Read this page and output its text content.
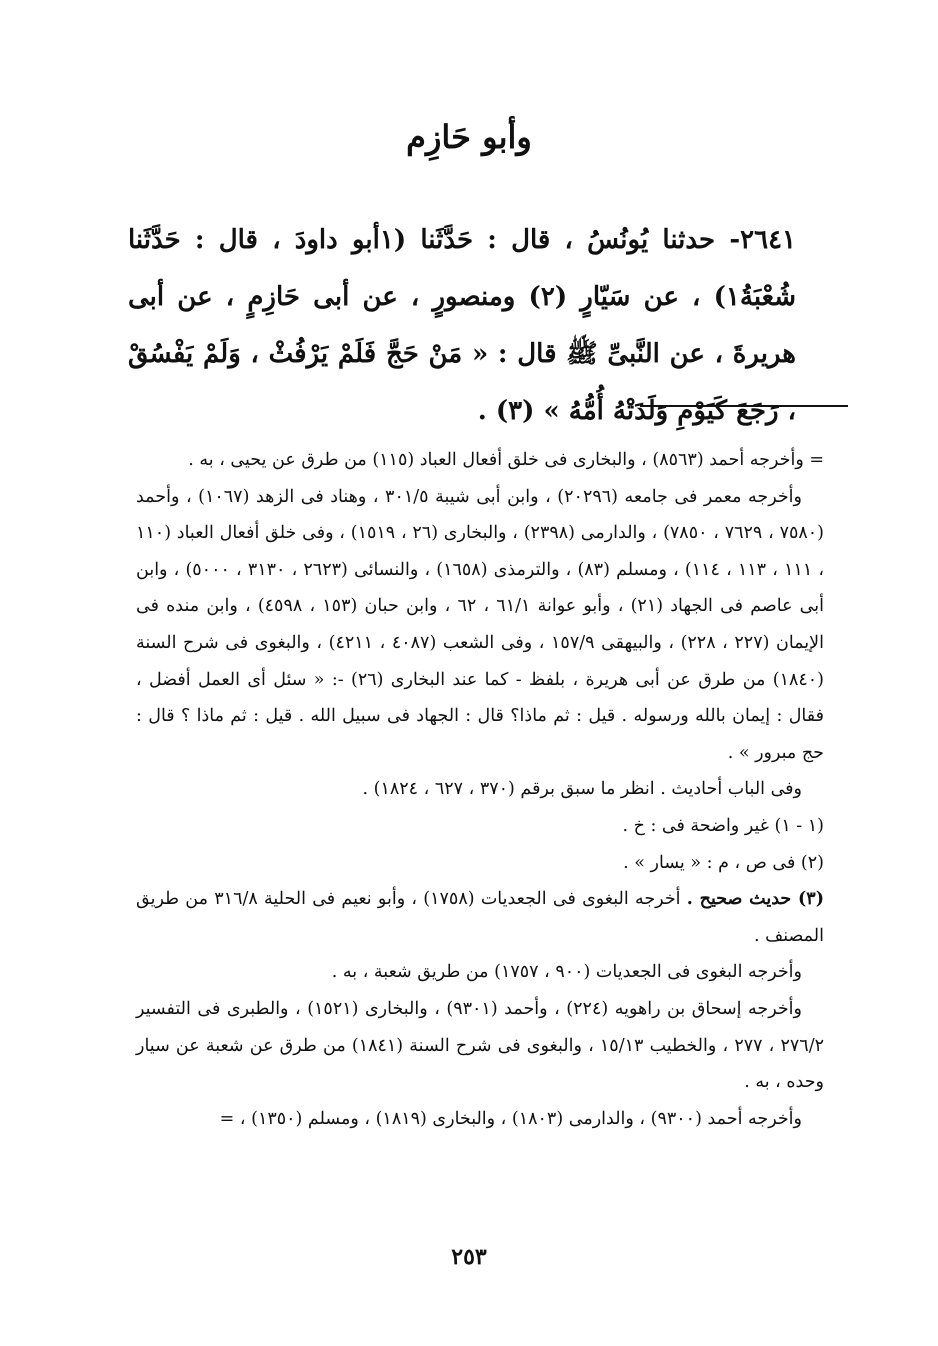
وأبو حَازِم

٢٦٤١- حدثنا يُونُسُ ، قال : حَدَّثَنا (١أبو داودَ ، قال : حَدَّثَنا شُعْبَةُ١) ، عن سَيّارٍ (٢) ومنصورٍ ، عن أبى حَازِمٍ ، عن أبى هريرةَ ، عن النَّبىِّ ﷺ قال : « مَنْ حَجَّ فَلَمْ يَرْفُثْ ، وَلَمْ يَفْسُقْ ، رَجَعَ كَيَوْمِ وَلَدَتْهُ أُمُّهُ » (٣) .

= وأخرجه أحمد (٨٥٦٣) ، والبخارى فى خلق أفعال العباد (١١٥) من طرق عن يحيى ، به .

وأخرجه معمر فى جامعه (٢٠٢٩٦) ، وابن أبى شيبة ٣٠١/٥ ، وهناد فى الزهد (١٠٦٧) ، وأحمد (٧٥٨٠ ، ٧٦٢٩ ، ٧٨٥٠) ، والدارمى (٢٣٩٨) ، والبخارى (٢٦ ، ١٥١٩) ، وفى خلق أفعال العباد (١١٠ ، ١١١ ، ١١٣ ، ١١٤) ، ومسلم (٨٣) ، والترمذى (١٦٥٨) ، والنسائى (٢٦٢٣ ، ٣١٣٠ ، ٥٠٠٠) ، وابن أبى عاصم فى الجهاد (٢١) ، وأبو عوانة ٦١/١ ، ٦٢ ، وابن حبان (١٥٣ ، ٤٥٩٨) ، وابن منده فى الإيمان (٢٢٧ ، ٢٢٨) ، والبيهقى ١٥٧/٩ ، وفى الشعب (٤٠٨٧ ، ٤٢١١) ، والبغوى فى شرح السنة (١٨٤٠) من طرق عن أبى هريرة ، بلفظ - كما عند البخارى (٢٦) -: « سئل أى العمل أفضل ، فقال : إيمان بالله ورسوله . قيل : ثم ماذا؟ قال : الجهاد فى سبيل الله . قيل : ثم ماذا ؟ قال : حج مبرور » .

وفى الباب أحاديث . انظر ما سبق برقم (٣٧٠ ، ٦٢٧ ، ١٨٢٤) .

(١ - ١) غير واضحة فى : خ .

(٢) فى ص ، م : « يسار » .

(٣) حديث صحيح . أخرجه البغوى فى الجعديات (١٧٥٨) ، وأبو نعيم فى الحلية ٣١٦/٨ من طريق المصنف .

وأخرجه البغوى فى الجعديات (٩٠٠ ، ١٧٥٧) من طريق شعبة ، به .

وأخرجه إسحاق بن راهويه (٢٢٤) ، وأحمد (٩٣٠١) ، والبخارى (١٥٢١) ، والطبرى فى التفسير ٢٧٦/٢ ، ٢٧٧ ، والخطيب ١٥/١٣ ، والبغوى فى شرح السنة (١٨٤١) من طرق عن شعبة عن سيار وحده ، به .

وأخرجه أحمد (٩٣٠٠) ، والدارمى (١٨٠٣) ، والبخارى (١٨١٩) ، ومسلم (١٣٥٠) ، =

٢٥٣
